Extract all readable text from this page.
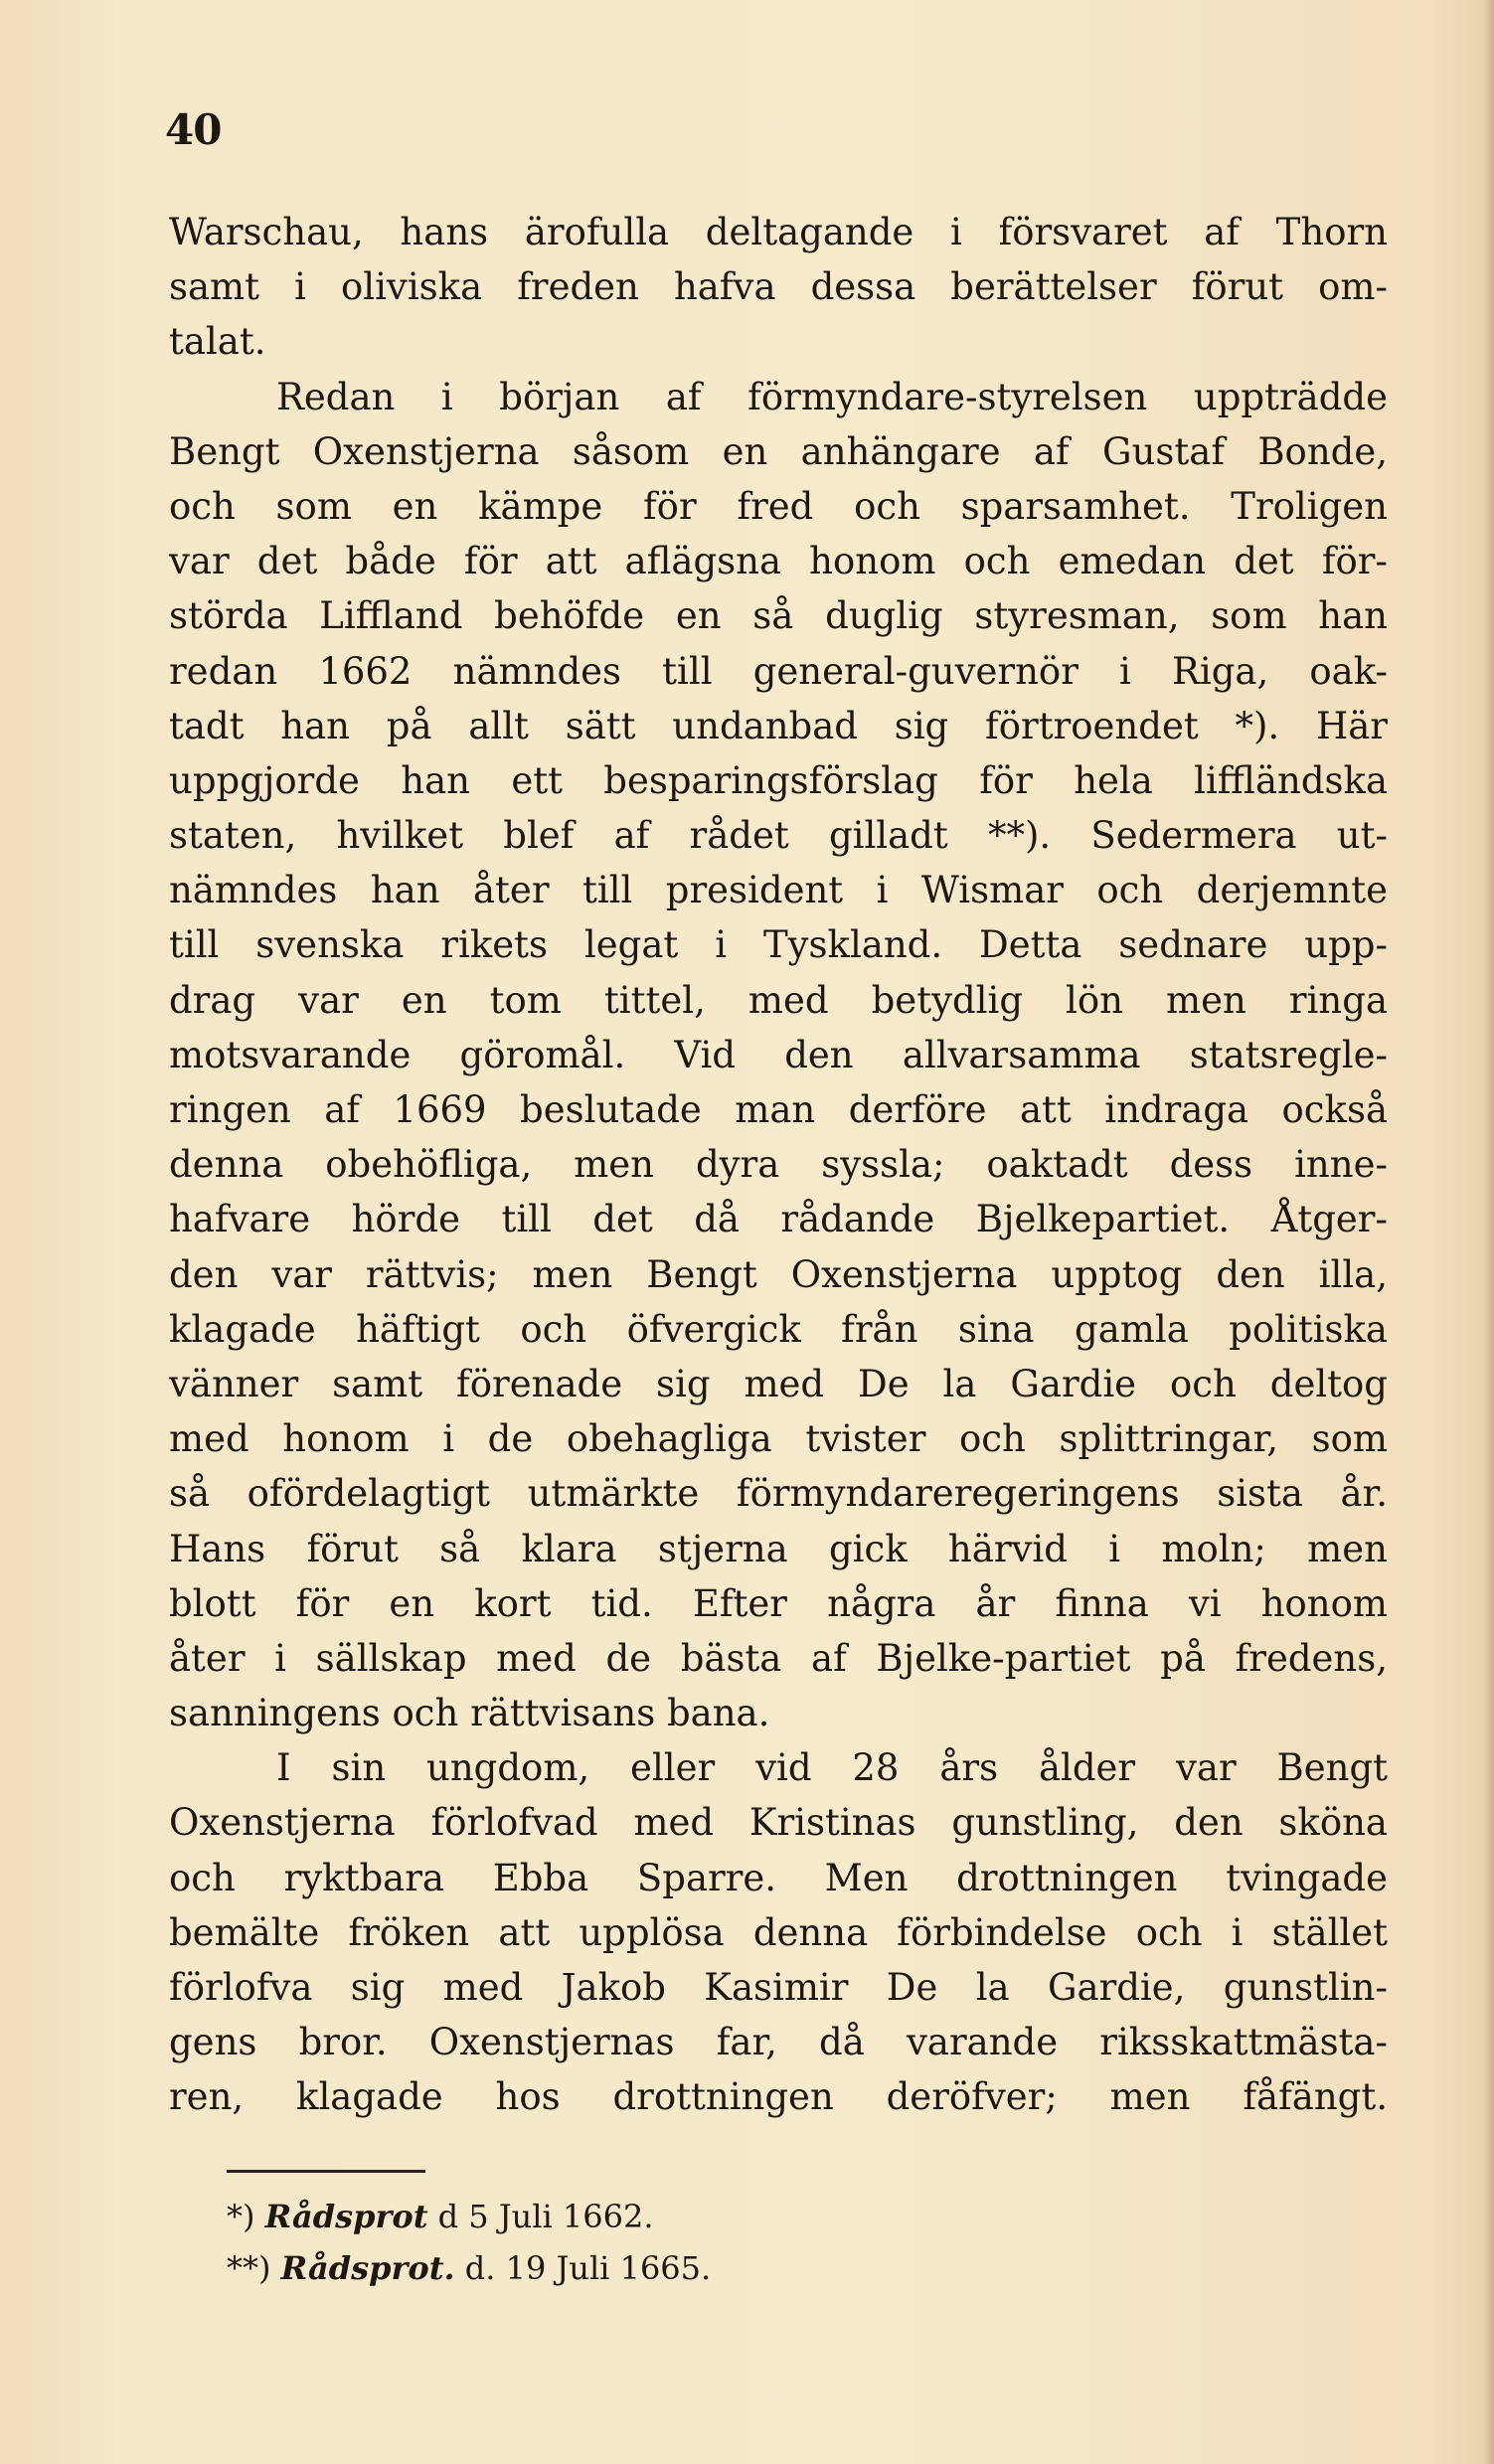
40
Warschau, hans ärofulla deltagande i försvaret af Thorn
samt i oliviska freden hafva dessa berättelser förut om-
talat.
Redan i början af förmyndare-styrelsen uppträdde
Bengt Oxenstjerna såsom en anhängare af Gustaf Bonde,
och som en kämpe för fred och sparsamhet. Troligen
var det både för att aflägsna honom och emedan det för-
störda Liffland behöfde en så duglig styresman, som han
redan 1662 nämndes till general-guvernör i Riga, oak-
tadt han på allt sätt undanbad sig förtroendet *). Här
uppgjorde han ett besparingsförslag för hela liffländska
staten, hvilket blef af rådet gilladt **). Sedermera ut-
nämndes han åter till president i Wismar och derjemnte
till svenska rikets legat i Tyskland. Detta sednare upp-
drag var en tom tittel, med betydlig lön men ringa
motsvarande göromål. Vid den allvarsamma statsregle-
ringen af 1669 beslutade man derföre att indraga också
denna obehöfliga, men dyra syssla; oaktadt dess inne-
hafvare hörde till det då rådande Bjelkepartiet. Åtger-
den var rättvis; men Bengt Oxenstjerna upptog den illa,
klagade häftigt och öfvergick från sina gamla politiska
vänner samt förenade sig med De la Gardie och deltog
med honom i de obehagliga tvister och splittringar, som
så ofördelagtigt utmärkte förmyndareregeringens sista år.
Hans förut så klara stjerna gick härvid i moln; men
blott för en kort tid. Efter några år finna vi honom
åter i sällskap med de bästa af Bjelke-partiet på fredens,
sanningens och rättvisans bana.
I sin ungdom, eller vid 28 års ålder var Bengt
Oxenstjerna förlofvad med Kristinas gunstling, den sköna
och ryktbara Ebba Sparre. Men drottningen tvingade
bemälte fröken att upplösa denna förbindelse och i stället
förlofva sig med Jakob Kasimir De la Gardie, gunstlin-
gens bror. Oxenstjernas far, då varande riksskattmästa-
ren, klagade hos drottningen deröfver; men fåfängt.
*) Rådsprot d 5 Juli 1662.
**) Rådsprot. d. 19 Juli 1665.
